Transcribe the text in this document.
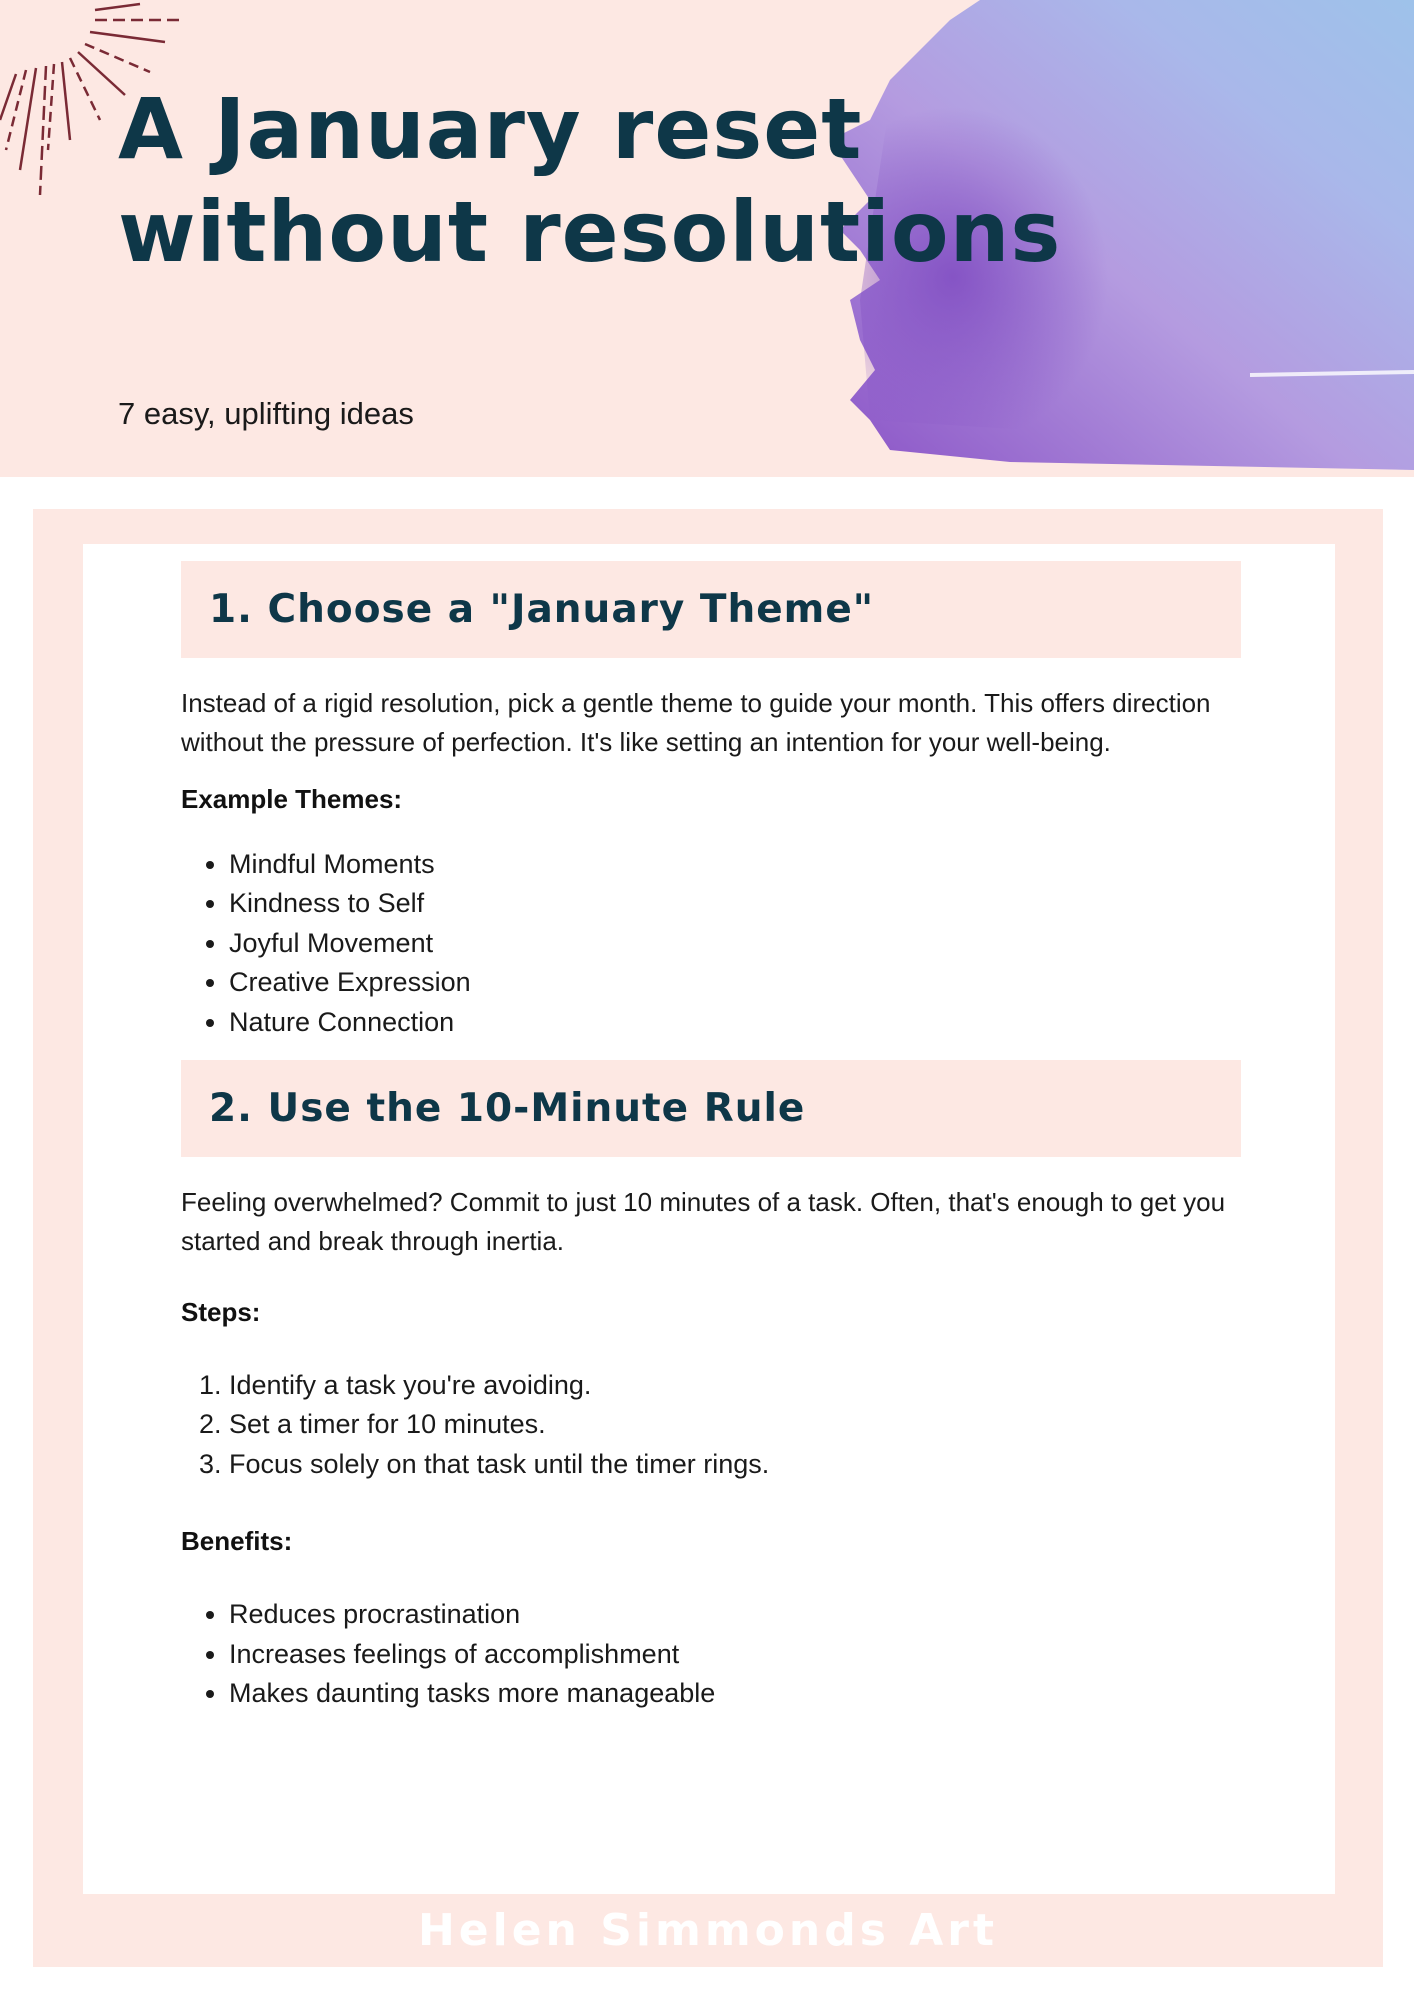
A January reset without resolutions

7 easy, uplifting ideas

1. Choose a "January Theme"

Instead of a rigid resolution, pick a gentle theme to guide your month. This offers direction without the pressure of perfection. It's like setting an intention for your well-being.

Example Themes:

• Mindful Moments
• Kindness to Self
• Joyful Movement
• Creative Expression
• Nature Connection
2. Use the 10-Minute Rule

Feeling overwhelmed? Commit to just 10 minutes of a task. Often, that's enough to get you started and break through inertia.

Steps:

1. Identify a task you're avoiding.
2. Set a timer for 10 minutes.
3. Focus solely on that task until the timer rings.

Benefits:

• Reduces procrastination
• Increases feelings of accomplishment
• Makes daunting tasks more manageable
Helen Simmonds Art
